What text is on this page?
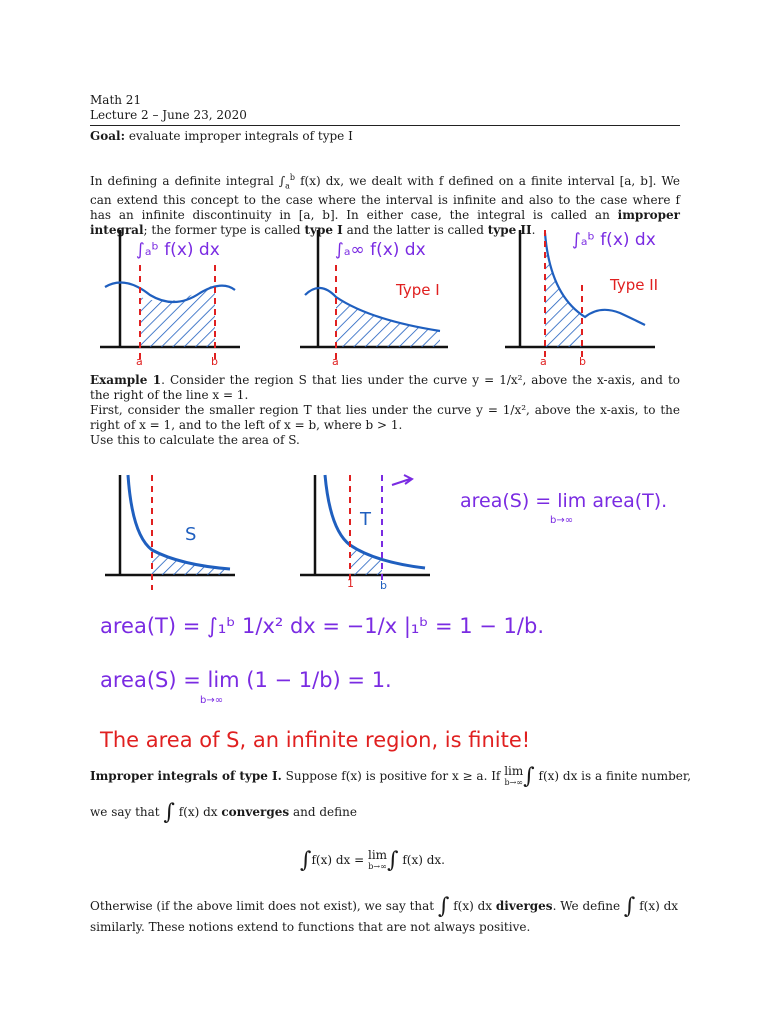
Math 21
Lecture 2 – June 23, 2020
Goal: evaluate improper integrals of type I
In defining a definite integral $\int_a^b$ f(x) dx, we dealt with f defined on a finite interval [a, b]. We can extend this concept to the case where the interval is infinite and also to the case where f has an infinite discontinuity in [a, b]. In either case, the integral is called an improper integral; the former type is called type I and the latter is called type II.
∫ₐᵇ f(x) dx
a	b
∫ₐ∞ f(x) dx
Type I
a
∫ₐᵇ f(x) dx
Type II
a	b
Example 1. Consider the region S that lies under the curve y = 1/x², above the x-axis, and to the right of the line x = 1.
First, consider the smaller region T that lies under the curve y = 1/x², above the x-axis, to the right of x = 1, and to the left of x = b, where b > 1.
Use this to calculate the area of S.
S
T
1 b
area(S) = lim area(T).
b→∞
area(T) = ∫₁ᵇ 1/x² dx = −1/x |₁ᵇ = 1 − 1/b.
area(S) = lim (1 − 1/b) = 1.
b→∞
The area of S, an infinite region, is finite!
Improper integrals of type I. Suppose f(x) is positive for x ≥ a. If lim
b→∞ ∫ f(x) dx is a finite number,
we say that ∫ f(x) dx converges and define
∫f(x) dx = lim
b→∞ ∫ f(x) dx.
Otherwise (if the above limit does not exist), we say that ∫ f(x) dx diverges. We define ∫ f(x) dx
similarly. These notions extend to functions that are not always positive.
